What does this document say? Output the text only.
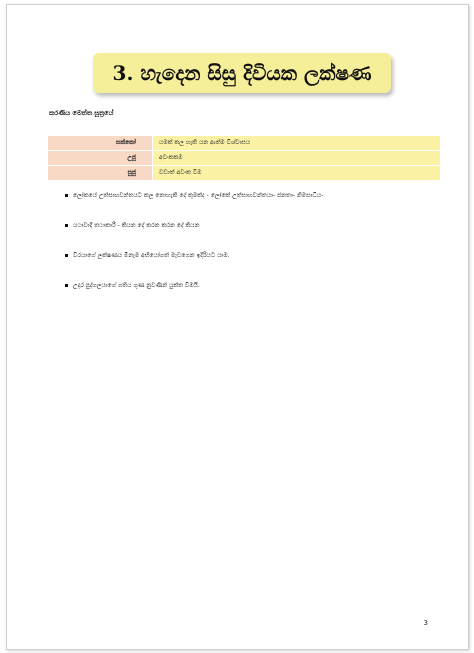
3. හැදෙන සිසු දිවියක ලක්ෂණ
කරණීය මෙත්ත සූත්‍රයේ
සක්කෝ	යමක් කල හැකි යන ආත්ම විශ්වාසය
උජූ	අවංකකම
සුජු	වඩාත් අවංක වීම
ලෝකයේ උත්සාහවන්තයට කල නොහැකි දේ කුමක්ද - ලෝකේ උත්සාහවන්තයා- ජනතා- නිමසාධිය-
යථාවාදී තථාකාරී - කියන දේ කරන කරන දේ කියන
වීරයාගේ ලක්ෂණය මිනෑම අභියෝගත් මැඩගෙන ඉදිරියට යාම.
උදාර පුද්ගලයාගේ ගතිය ගුණ නුවණින් යුක්ත වීමයි.
3
